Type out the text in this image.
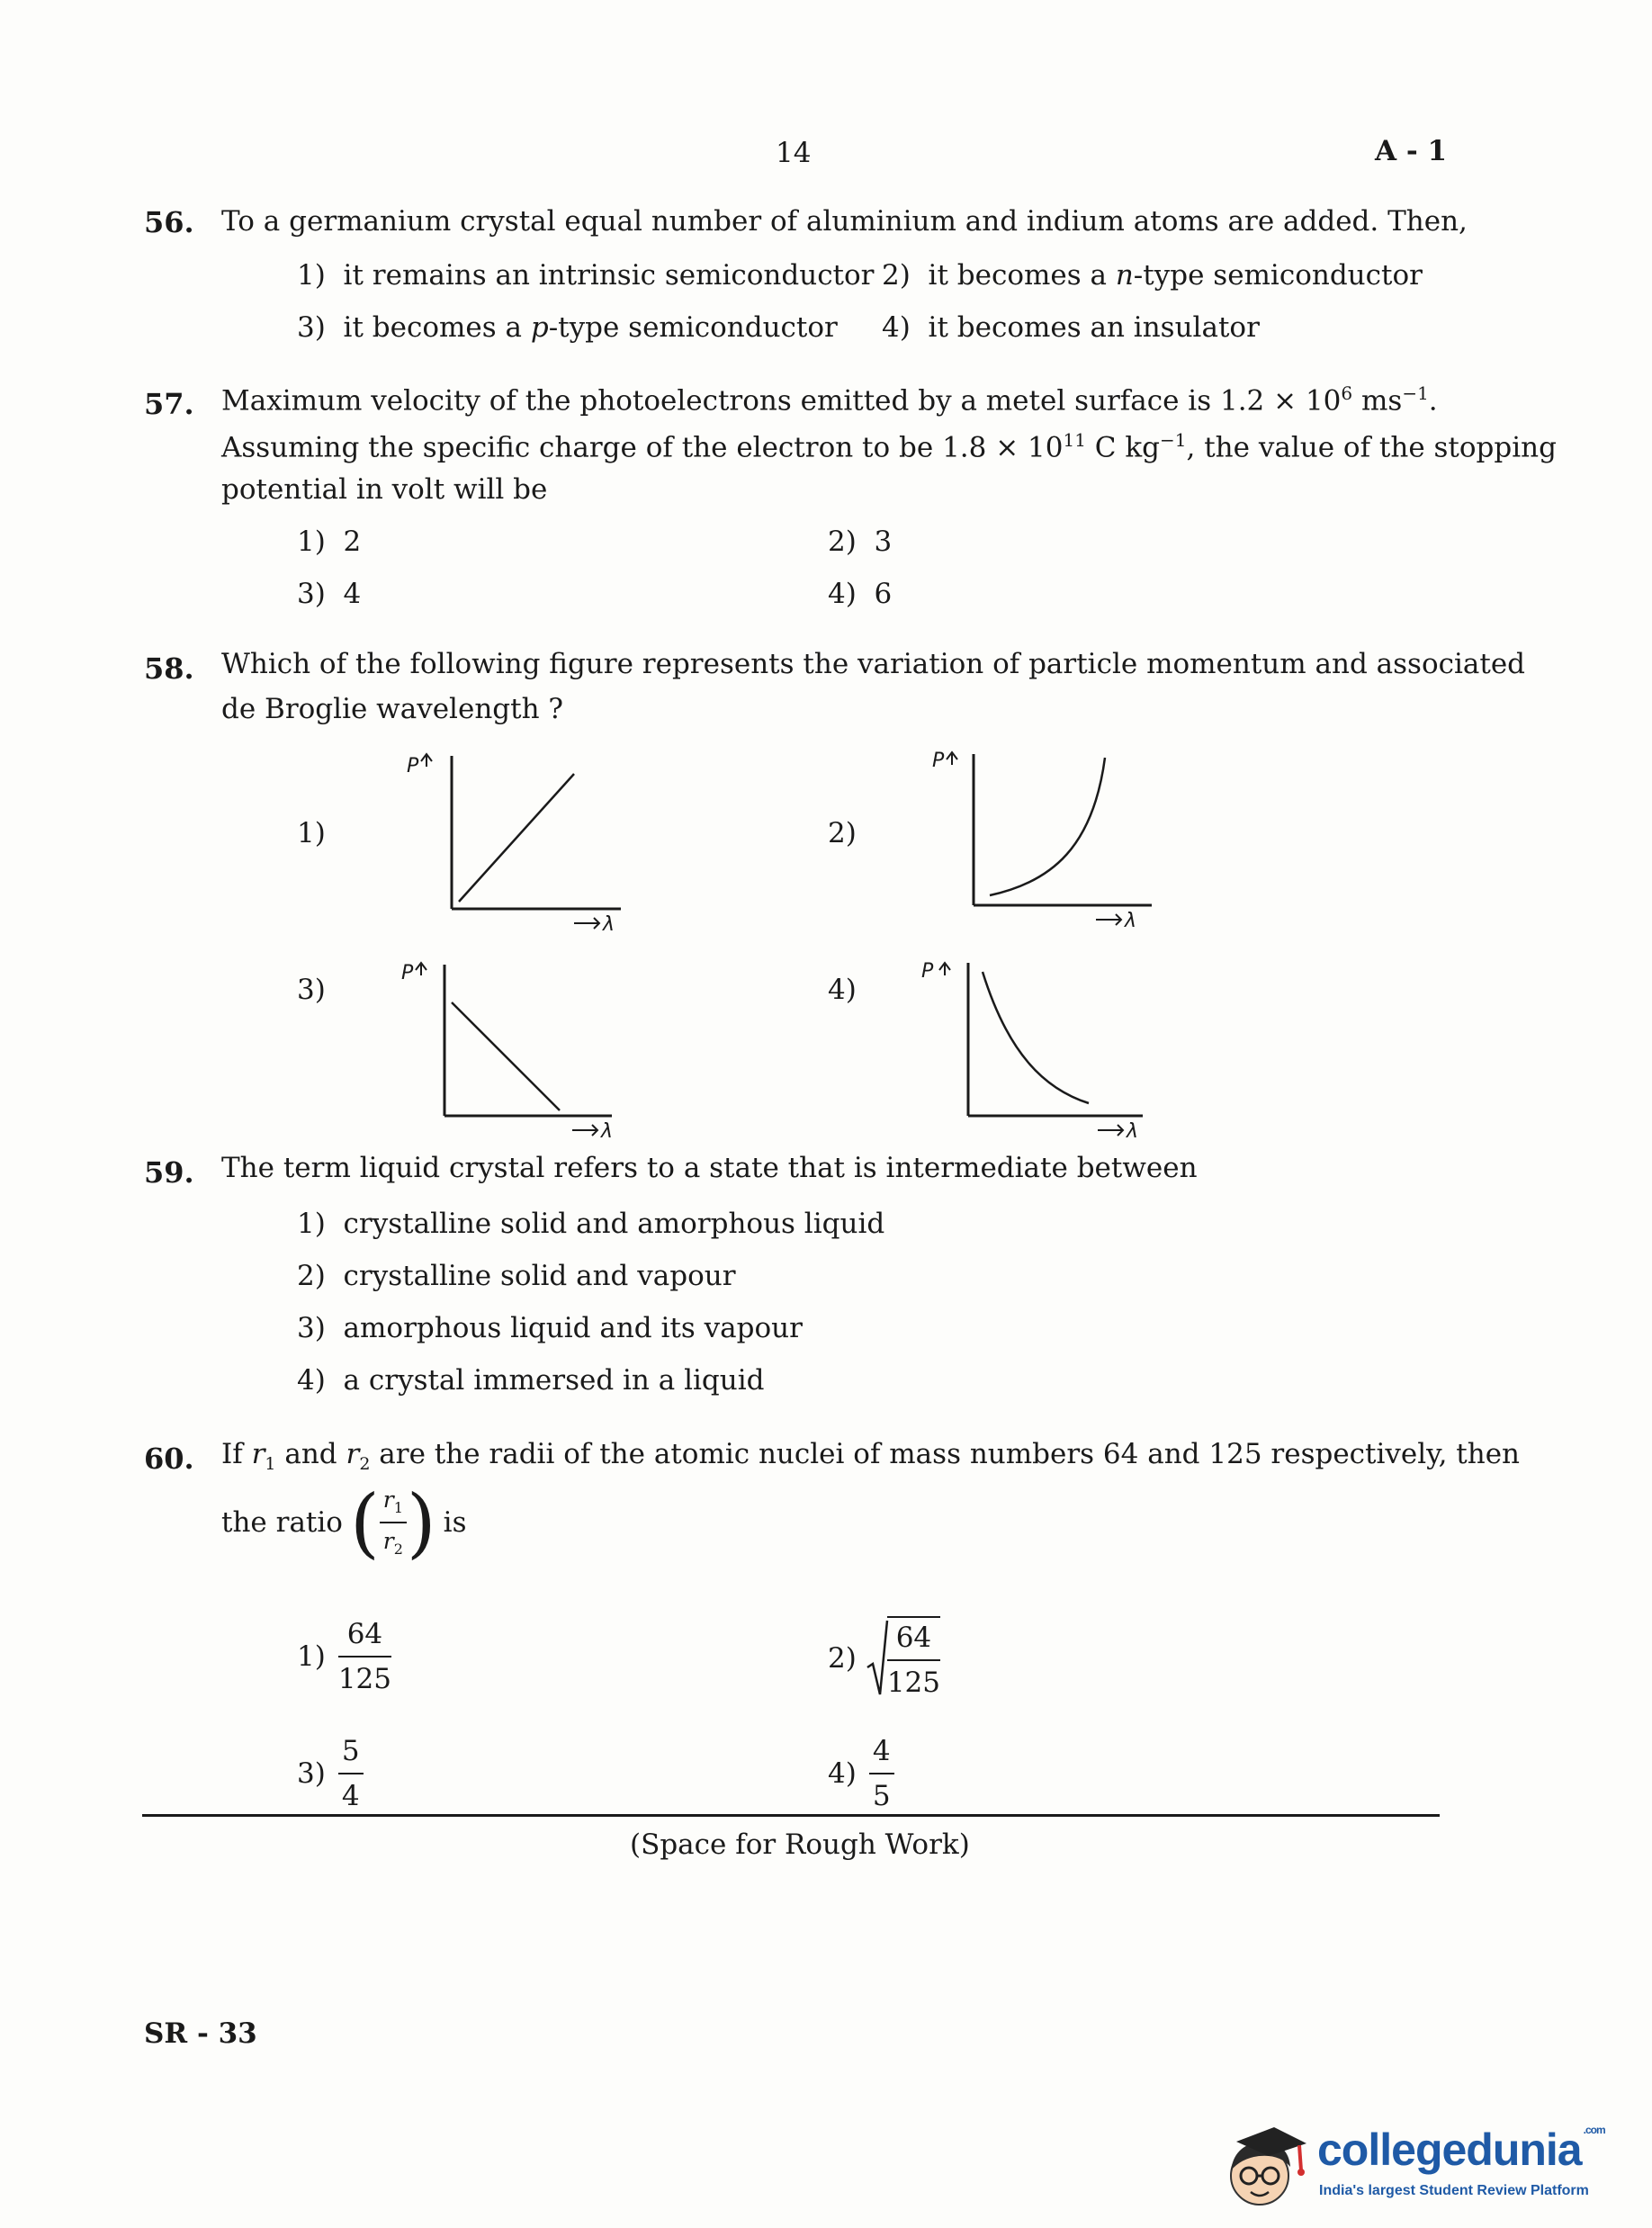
14	A - 1
56. To a germanium crystal equal number of aluminium and indium atoms are added. Then,
1) it remains an intrinsic semiconductor 2) it becomes a n-type semiconductor
3) it becomes a p-type semiconductor 4) it becomes an insulator
57. Maximum velocity of the photoelectrons emitted by a metel surface is $1.2 \times 10^6$ $ms^{-1}$.
Assuming the specific charge of the electron to be $1.8 \times 10^{11}$ C $kg^{-1}$, the value of the stopping
potential in volt will be
1) 2	2) 3
3) 4	4) 6
58. Which of the following figure represents the variation of particle momentum and associated
de Broglie wavelength ?
1)	2)
3)	4)
P
λ
P
λ
P
λ
P
λ
59. The term liquid crystal refers to a state that is intermediate between
1) crystalline solid and amorphous liquid
2) crystalline solid and vapour
3) amorphous liquid and its vapour
4) a crystal immersed in a liquid
60. If $r_1$ and $r_2$ are the radii of the atomic nuclei of mass numbers 64 and 125 respectively, then
the ratio ( $\frac{r_1}{r_2}$ ) is
$1) \frac{64}{125}$	$2) \frac{64}{125}$
$3) \frac{5}{4}$	$4) \frac{4}{5}$
(Space for Rough Work)
SR - 33
collegedunia $^{.com}$
India's largest Student Review Platform
